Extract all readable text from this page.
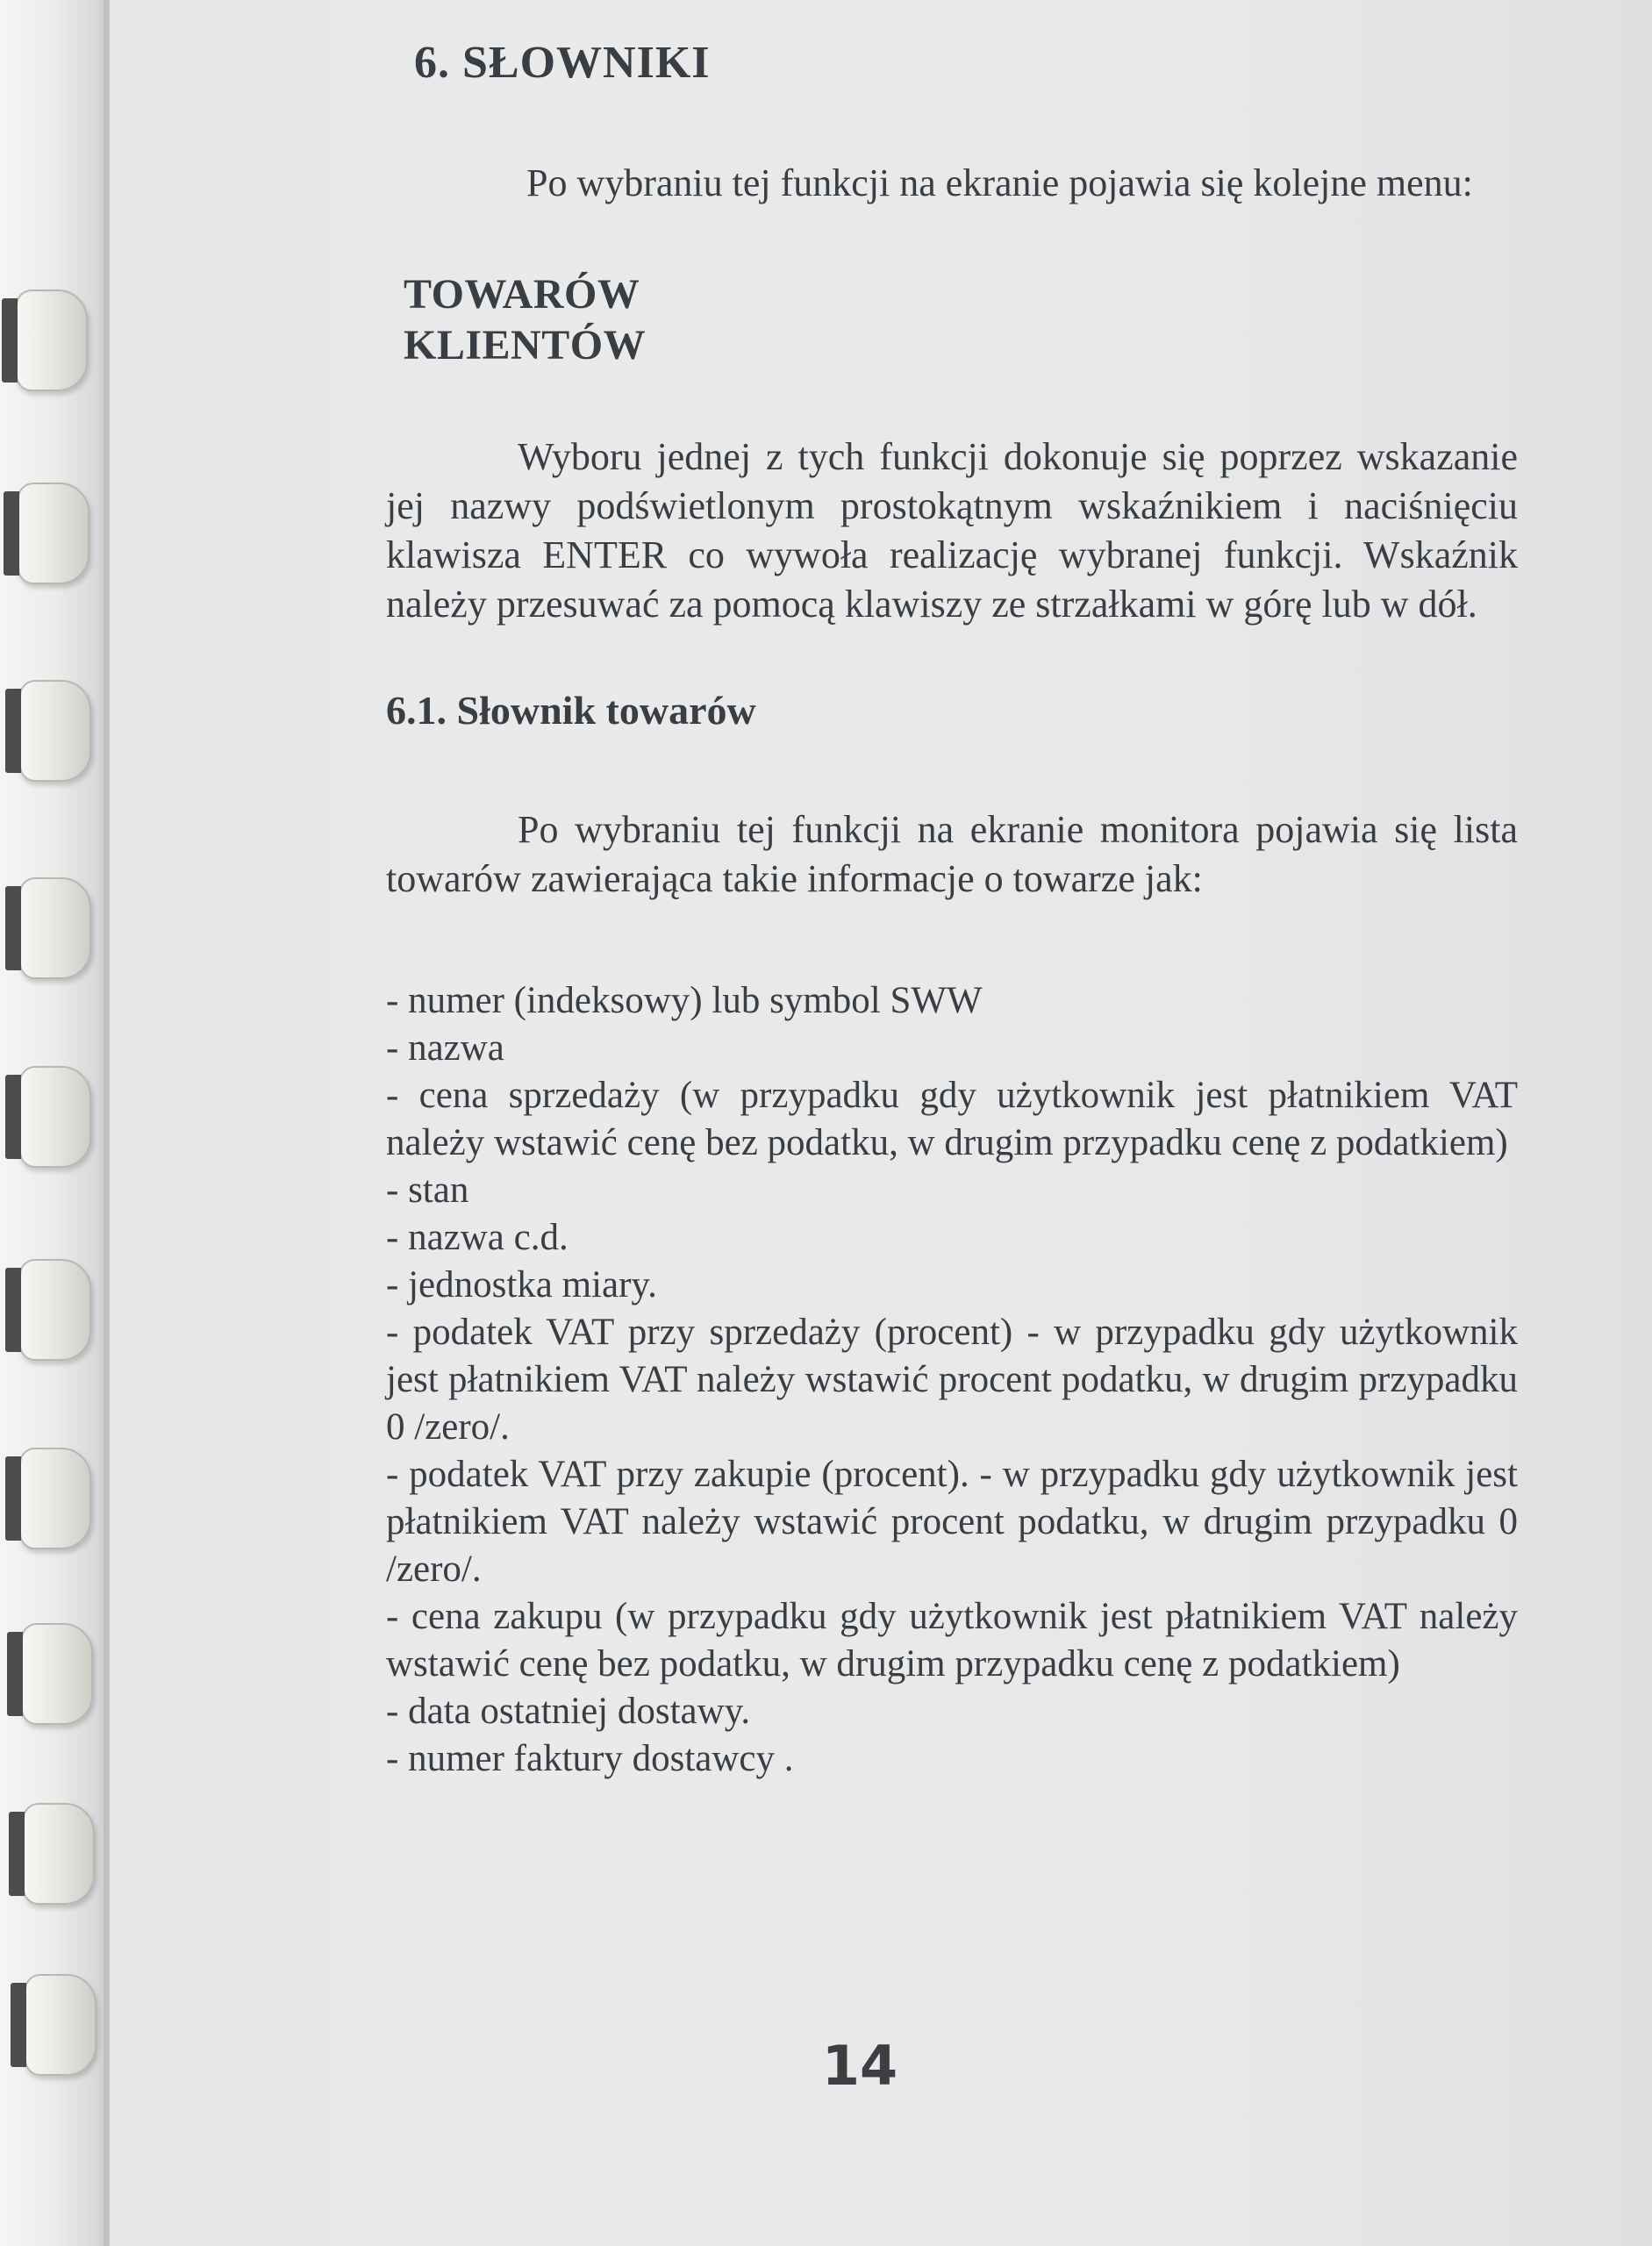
6. SŁOWNIKI

Po wybraniu tej funkcji na ekranie pojawia się kolejne menu:

TOWARÓW
KLIENTÓW

Wyboru jednej z tych funkcji dokonuje się poprzez wskazanie jej nazwy podświetlonym prostokątnym wskaźnikiem i naciśnięciu klawisza ENTER co wywoła realizację wybranej funkcji. Wskaźnik należy przesuwać za pomocą klawiszy ze strzałkami w górę lub w dół.

6.1. Słownik towarów

Po wybraniu tej funkcji na ekranie monitora pojawia się lista towarów zawierająca takie informacje o towarze jak:

- numer (indeksowy) lub symbol SWW
- nazwa
- cena sprzedaży (w przypadku gdy użytkownik jest płatnikiem VAT należy wstawić cenę bez podatku, w drugim przypadku cenę z podatkiem)
- stan
- nazwa c.d.
- jednostka miary.
- podatek VAT przy sprzedaży (procent) - w przypadku gdy użytkownik jest płatnikiem VAT należy wstawić procent podatku, w drugim przypadku 0 /zero/.
- podatek VAT przy zakupie (procent). - w przypadku gdy użytkownik jest płatnikiem VAT należy wstawić procent podatku, w drugim przypadku 0 /zero/.
- cena zakupu (w przypadku gdy użytkownik jest płatnikiem VAT należy wstawić cenę bez podatku, w drugim przypadku cenę z podatkiem)
- data ostatniej dostawy.
- numer faktury dostawcy .
14
